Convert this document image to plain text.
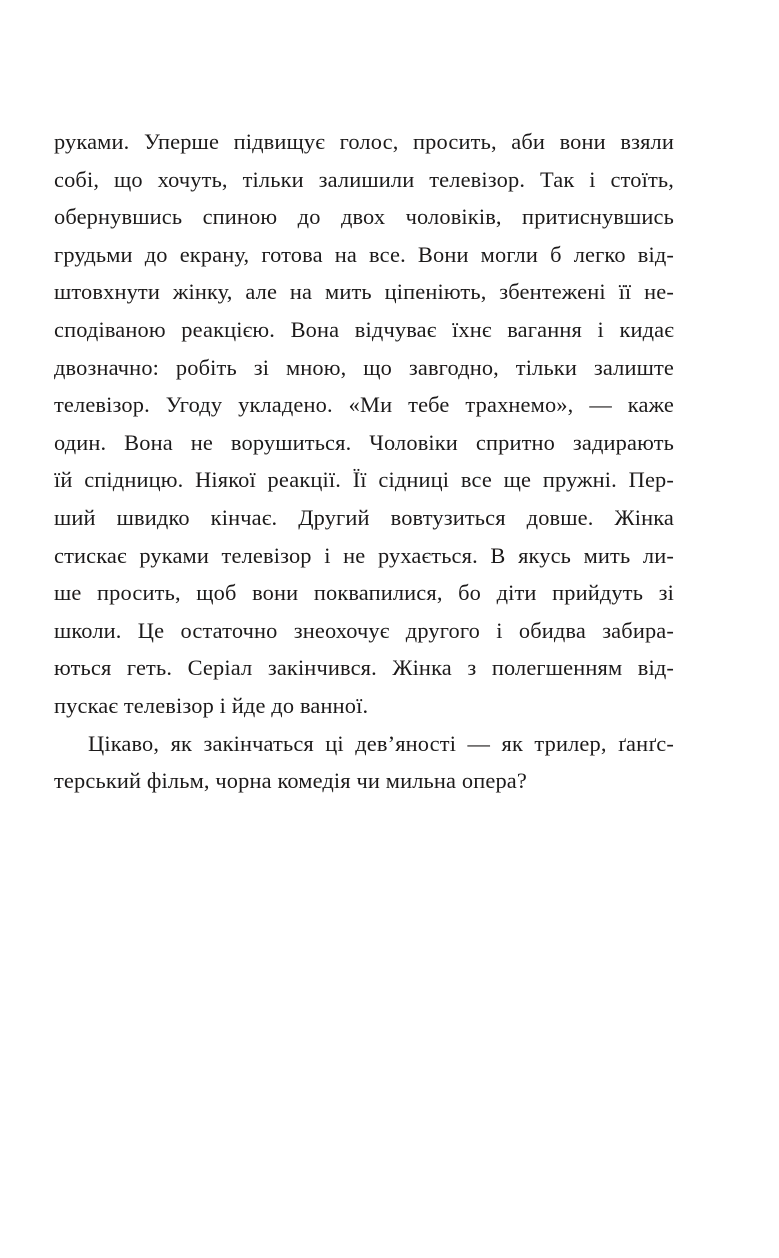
руками. Уперше підвищує голос, просить, аби вони взяли
собі, що хочуть, тільки залишили телевізор. Так і стоїть,
обернувшись спиною до двох чоловіків, притиснувшись
грудьми до екрану, готова на все. Вони могли б легко від-
штовхнути жінку, але на мить ціпеніють, збентежені її не-
сподіваною реакцією. Вона відчуває їхнє вагання і кидає
двозначно: робіть зі мною, що завгодно, тільки залиште
телевізор. Угоду укладено. «Ми тебе трахнемо», — каже
один. Вона не ворушиться. Чоловіки спритно задирають
їй спідницю. Ніякої реакції. Її сідниці все ще пружні. Пер-
ший швидко кінчає. Другий вовтузиться довше. Жінка
стискає руками телевізор і не рухається. В якусь мить ли-
ше просить, щоб вони поквапилися, бо діти прийдуть зі
школи. Це остаточно знеохочує другого і обидва забира-
ються геть. Серіал закінчився. Жінка з полегшенням від-
пускає телевізор і йде до ванної.
Цікаво, як закінчаться ці дев’яності — як трилер, ґанґс-
терський фільм, чорна комедія чи мильна опера?
